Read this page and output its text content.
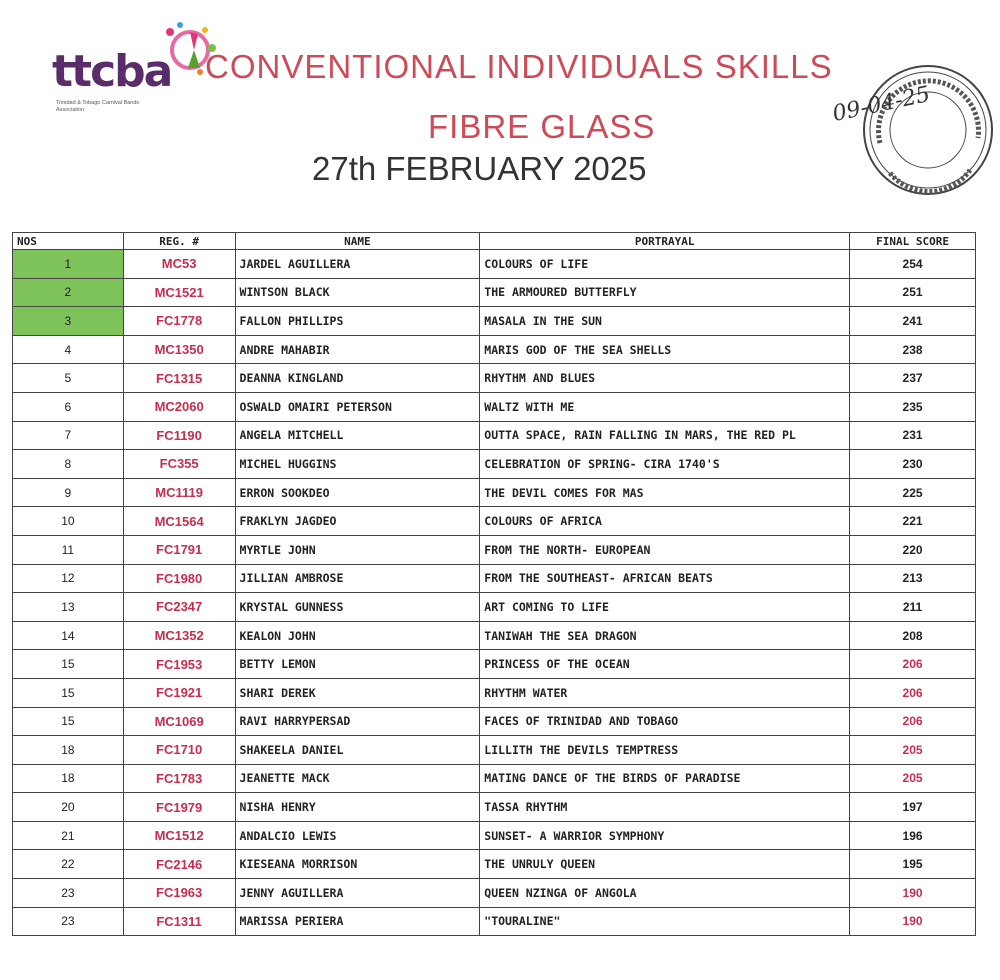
ttcba
Trinidad & Tobago Carnival Bands Association
CONVENTIONAL INDIVIDUALS SKILLS
FIBRE GLASS
27th FEBRUARY 2025
09-04-25
NOS	REG. #	NAME	PORTRAYAL	FINAL SCORE
1	MC53	JARDEL AGUILLERA	COLOURS OF LIFE	254
2	MC1521	WINTSON BLACK	THE ARMOURED BUTTERFLY	251
3	FC1778	FALLON PHILLIPS	MASALA IN THE SUN	241
4	MC1350	ANDRE MAHABIR	MARIS GOD OF THE SEA SHELLS	238
5	FC1315	DEANNA KINGLAND	RHYTHM AND BLUES	237
6	MC2060	OSWALD OMAIRI PETERSON	WALTZ WITH ME	235
7	FC1190	ANGELA MITCHELL	OUTTA SPACE, RAIN FALLING IN MARS, THE RED PL	231
8	FC355	MICHEL HUGGINS	CELEBRATION OF SPRING- CIRA 1740'S	230
9	MC1119	ERRON SOOKDEO	THE DEVIL COMES FOR MAS	225
10	MC1564	FRAKLYN JAGDEO	COLOURS OF AFRICA	221
11	FC1791	MYRTLE JOHN	FROM THE NORTH- EUROPEAN	220
12	FC1980	JILLIAN AMBROSE	FROM THE SOUTHEAST- AFRICAN BEATS	213
13	FC2347	KRYSTAL GUNNESS	ART COMING TO LIFE	211
14	MC1352	KEALON JOHN	TANIWAH THE SEA DRAGON	208
15	FC1953	BETTY LEMON	PRINCESS OF THE OCEAN	206
15	FC1921	SHARI DEREK	RHYTHM WATER	206
15	MC1069	RAVI HARRYPERSAD	FACES OF TRINIDAD AND TOBAGO	206
18	FC1710	SHAKEELA DANIEL	LILLITH THE DEVILS TEMPTRESS	205
18	FC1783	JEANETTE MACK	MATING DANCE OF THE BIRDS OF PARADISE	205
20	FC1979	NISHA HENRY	TASSA RHYTHM	197
21	MC1512	ANDALCIO LEWIS	SUNSET- A WARRIOR SYMPHONY	196
22	FC2146	KIESEANA MORRISON	THE UNRULY QUEEN	195
23	FC1963	JENNY AGUILLERA	QUEEN NZINGA OF ANGOLA	190
23	FC1311	MARISSA PERIERA	"TOURALINE"	190
